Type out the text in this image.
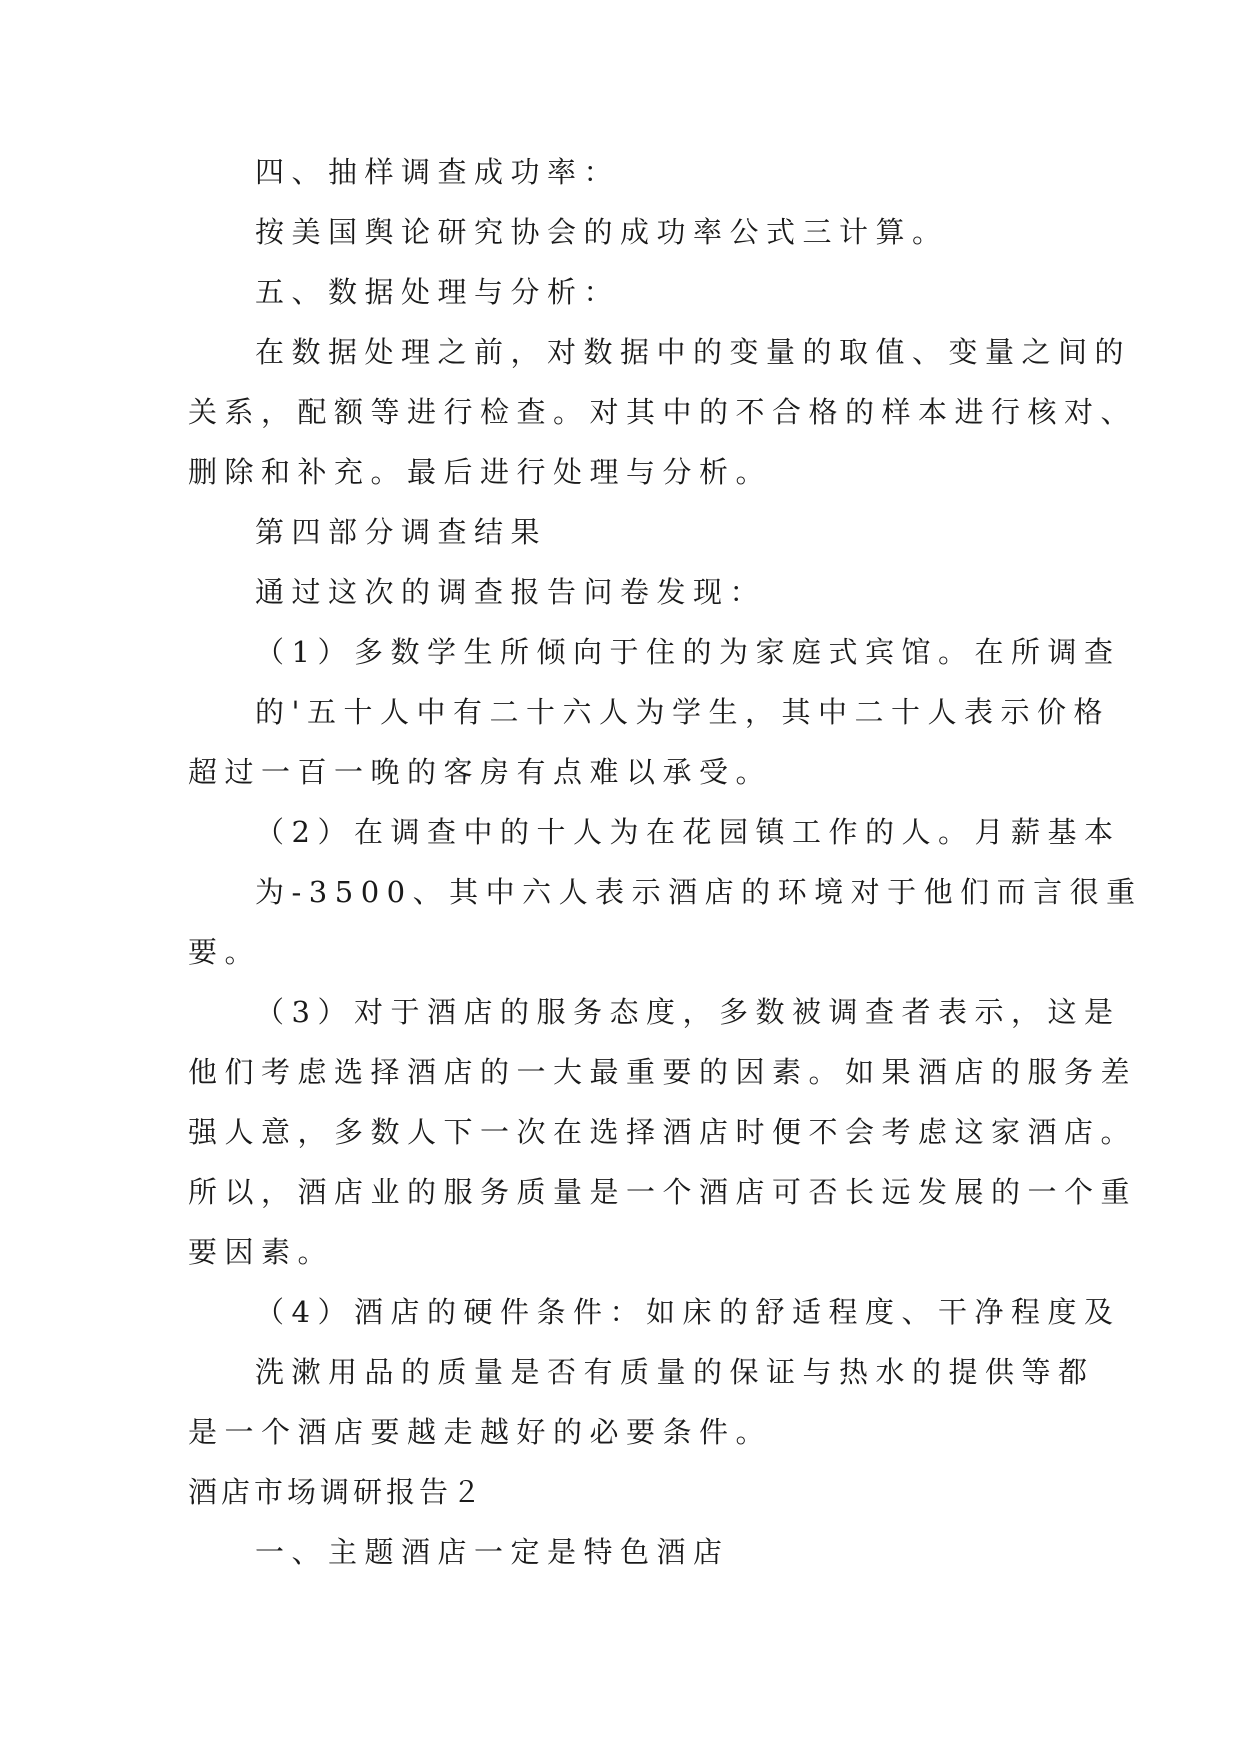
四、抽样调查成功率：
按美国舆论研究协会的成功率公式三计算。
五、数据处理与分析：
在数据处理之前，对数据中的变量的取值、变量之间的
关系，配额等进行检查。对其中的不合格的样本进行核对、
删除和补充。最后进行处理与分析。
第四部分调查结果
通过这次的调查报告问卷发现：
（1）多数学生所倾向于住的为家庭式宾馆。在所调查
的'五十人中有二十六人为学生，其中二十人表示价格
超过一百一晚的客房有点难以承受。
（2）在调查中的十人为在花园镇工作的人。月薪基本
为-3500、其中六人表示酒店的环境对于他们而言很重
要。
（3）对于酒店的服务态度，多数被调查者表示，这是
他们考虑选择酒店的一大最重要的因素。如果酒店的服务差
强人意，多数人下一次在选择酒店时便不会考虑这家酒店。
所以，酒店业的服务质量是一个酒店可否长远发展的一个重
要因素。
（4）酒店的硬件条件：如床的舒适程度、干净程度及
洗漱用品的质量是否有质量的保证与热水的提供等都
是一个酒店要越走越好的必要条件。
酒店市场调研报告２
一、主题酒店一定是特色酒店
